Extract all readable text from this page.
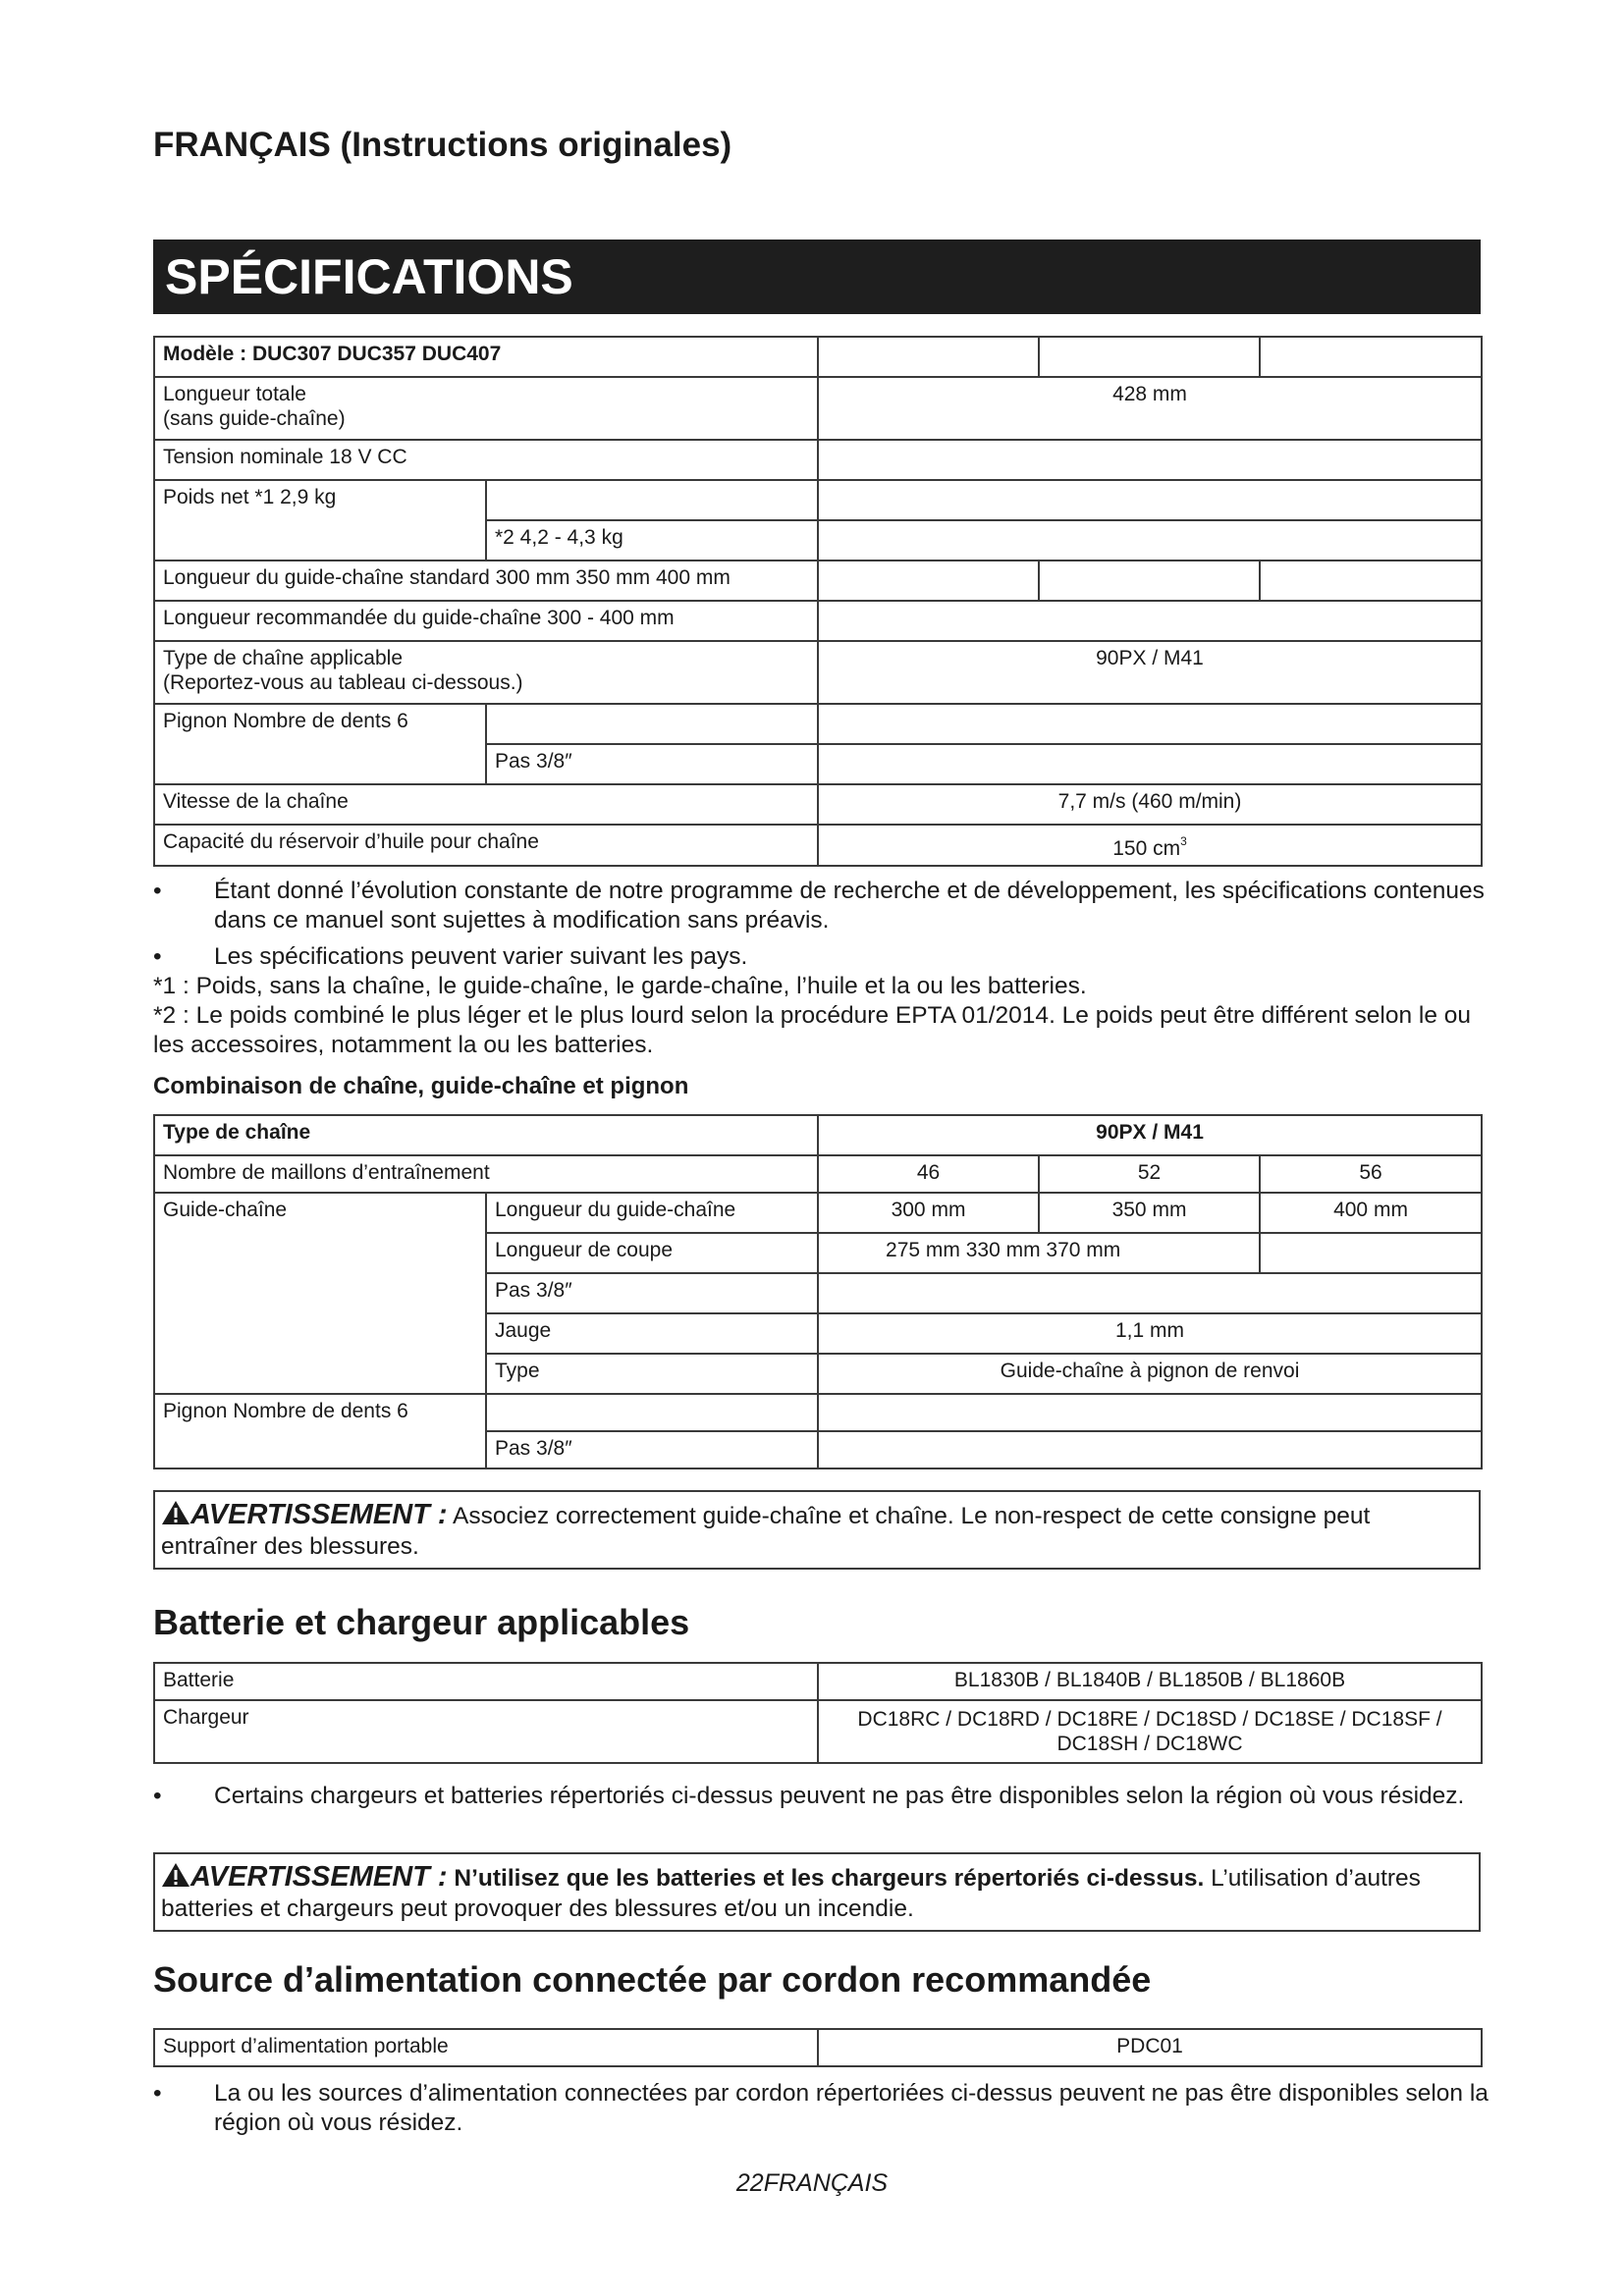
FRANÇAIS (Instructions originales)
SPÉCIFICATIONS
Modèle : DUC307 DUC357 DUC407				
Longueur totale
(sans guide-chaîne)		428 mm		
Tension nominale 18 V CC				
Poids net *1 2,9 kg				
	*2 4,2 - 4,3 kg			
Longueur du guide-chaîne standard 300 mm 350 mm 400 mm				
Longueur recommandée du guide-chaîne 300 - 400 mm				
Type de chaîne applicable
(Reportez-vous au tableau ci-dessous.)		90PX / M41		
Pignon Nombre de dents 6				
	Pas 3/8″			
Vitesse de la chaîne		7,7 m/s (460 m/min)		
Capacité du réservoir d’huile pour chaîne		150 $cm^3$
• Étant donné l’évolution constante de notre programme de recherche et de développement, les spécifications contenues dans ce manuel sont sujettes à modification sans préavis.
• Les spécifications peuvent varier suivant les pays.
*1 : Poids, sans la chaîne, le guide-chaîne, le garde-chaîne, l’huile et la ou les batteries.
*2 : Le poids combiné le plus léger et le plus lourd selon la procédure EPTA 01/2014. Le poids peut être différent selon le ou les accessoires, notamment la ou les batteries.
Combinaison de chaîne, guide-chaîne et pignon
Type de chaîne		90PX / M41		
Nombre de maillons d’entraînement		46	52	56
Guide-chaîne	Longueur du guide-chaîne	300 mm	350 mm	400 mm
	Longueur de coupe	275 mm 330 mm 370 mm		
	Pas 3/8″			
	Jauge	1,1 mm		
	Type	Guide-chaîne à pignon de renvoi		
Pignon Nombre de dents 6				
	Pas 3/8″			
AVERTISSEMENT : Associez correctement guide-chaîne et chaîne. Le non-respect de cette consigne peut entraîner des blessures.
Batterie et chargeur applicables
Batterie	BL1830B / BL1840B / BL1850B / BL1860B
Chargeur	DC18RC / DC18RD / DC18RE / DC18SD / DC18SE / DC18SF / DC18SH / DC18WC
• Certains chargeurs et batteries répertoriés ci-dessus peuvent ne pas être disponibles selon la région où vous résidez.
AVERTISSEMENT : N’utilisez que les batteries et les chargeurs répertoriés ci-dessus. L’utilisation d’autres batteries et chargeurs peut provoquer des blessures et/ou un incendie.
Source d’alimentation connectée par cordon recommandée
Support d’alimentation portable	PDC01
• La ou les sources d’alimentation connectées par cordon répertoriées ci-dessus peuvent ne pas être disponibles selon la région où vous résidez.
22FRANÇAIS
